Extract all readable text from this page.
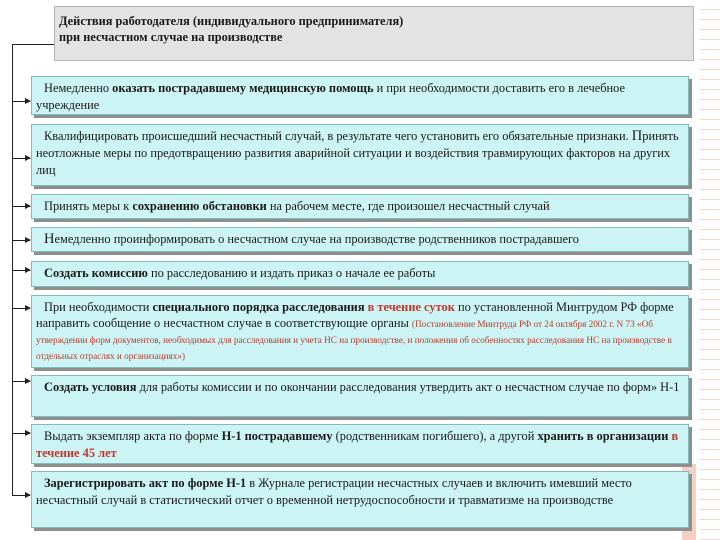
Действия работодателя (индивидуального предпринимателя)
при несчастном случае на производстве

Немедленно оказать пострадавшему медицинскую помощь и при необходимости доставить его в лечебное учреждение

Квалифицировать происшедший несчастный случай, в результате чего установить его обязательные признаки. Принять неотложные меры по предотвращению развития аварийной ситуации и воздействия травмирующих факторов на других лиц

Принять меры к сохранению обстановки на рабочем месте, где произошел несчастный случай

Немедленно проинформировать о несчастном случае на производстве родственников пострадавшего

Создать комиссию по расследованию и издать приказ о начале ее работы

При необходимости специального порядка расследования в течение суток по установленной Минтрудом РФ форме направить сообщение о несчастном случае в соответствующие органы (Постановление Минтруда РФ от 24 октября 2002 г. N 73 «Об утверждении форм документов, необходимых для расследования и учета НС на производстве, и положения об особенностях расследования НС на производстве в отдельных отраслях и организациях»)

Создать условия для работы комиссии и по окончании расследования утвердить акт о несчастном случае по форм» Н-1

Выдать экземпляр акта по форме Н-1 пострадавшему (родственникам погибшего), а другой хранить в организации в течение 45 лет

Зарегистрировать акт по форме Н-1 в Журнале регистрации несчастных случаев и включить имевший место несчастный случай в статистический отчет о временной нетрудоспособности и травматизме на производстве
